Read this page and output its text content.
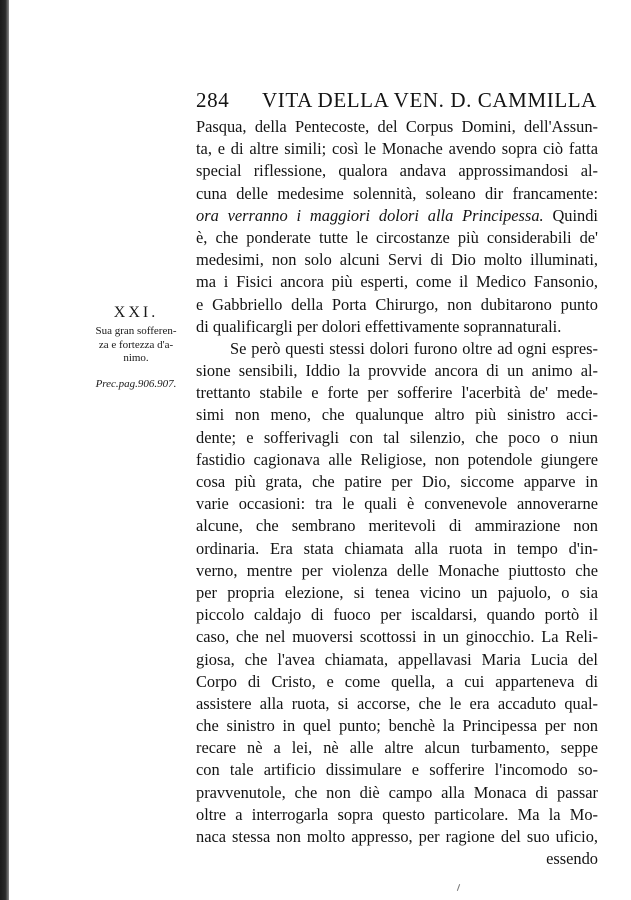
284 VITA DELLA VEN. D. CAMMILLA
XXI.
Sua gran sofferen-
za e fortezza d'a-
nimo.
Prec.pag.906.907.
Pasqua, della Pentecoste, del Corpus Domini, dell'Assun-
ta, e di altre simili; così le Monache avendo sopra ciò fatta
special riflessione, qualora andava approssimandosi al-
cuna delle medesime solennità, soleano dir francamente:
ora verranno i maggiori dolori alla Principessa. Quindi
è, che ponderate tutte le circostanze più considerabili de'
medesimi, non solo alcuni Servi di Dio molto illuminati,
ma i Fisici ancora più esperti, come il Medico Fansonio,
e Gabbriello della Porta Chirurgo, non dubitarono punto
di qualificargli per dolori effettivamente soprannaturali.
Se però questi stessi dolori furono oltre ad ogni espres-
sione sensibili, Iddio la provvide ancora di un animo al-
trettanto stabile e forte per sofferire l'acerbità de' mede-
simi non meno, che qualunque altro più sinistro acci-
dente; e sofferivagli con tal silenzio, che poco o niun
fastidio cagionava alle Religiose, non potendole giungere
cosa più grata, che patire per Dio, siccome apparve in
varie occasioni: tra le quali è convenevole annoverarne
alcune, che sembrano meritevoli di ammirazione non
ordinaria. Era stata chiamata alla ruota in tempo d'in-
verno, mentre per violenza delle Monache piuttosto che
per propria elezione, si tenea vicino un pajuolo, o sia
piccolo caldajo di fuoco per iscaldarsi, quando portò il
caso, che nel muoversi scottossi in un ginocchio. La Reli-
giosa, che l'avea chiamata, appellavasi Maria Lucia del
Corpo di Cristo, e come quella, a cui apparteneva di
assistere alla ruota, si accorse, che le era accaduto qual-
che sinistro in quel punto; benchè la Principessa per non
recare nè a lei, nè alle altre alcun turbamento, seppe
con tale artificio dissimulare e sofferire l'incomodo so-
pravvenutole, che non diè campo alla Monaca di passar
oltre a interrogarla sopra questo particolare. Ma la Mo-
naca stessa non molto appresso, per ragione del suo uficio,
essendo
